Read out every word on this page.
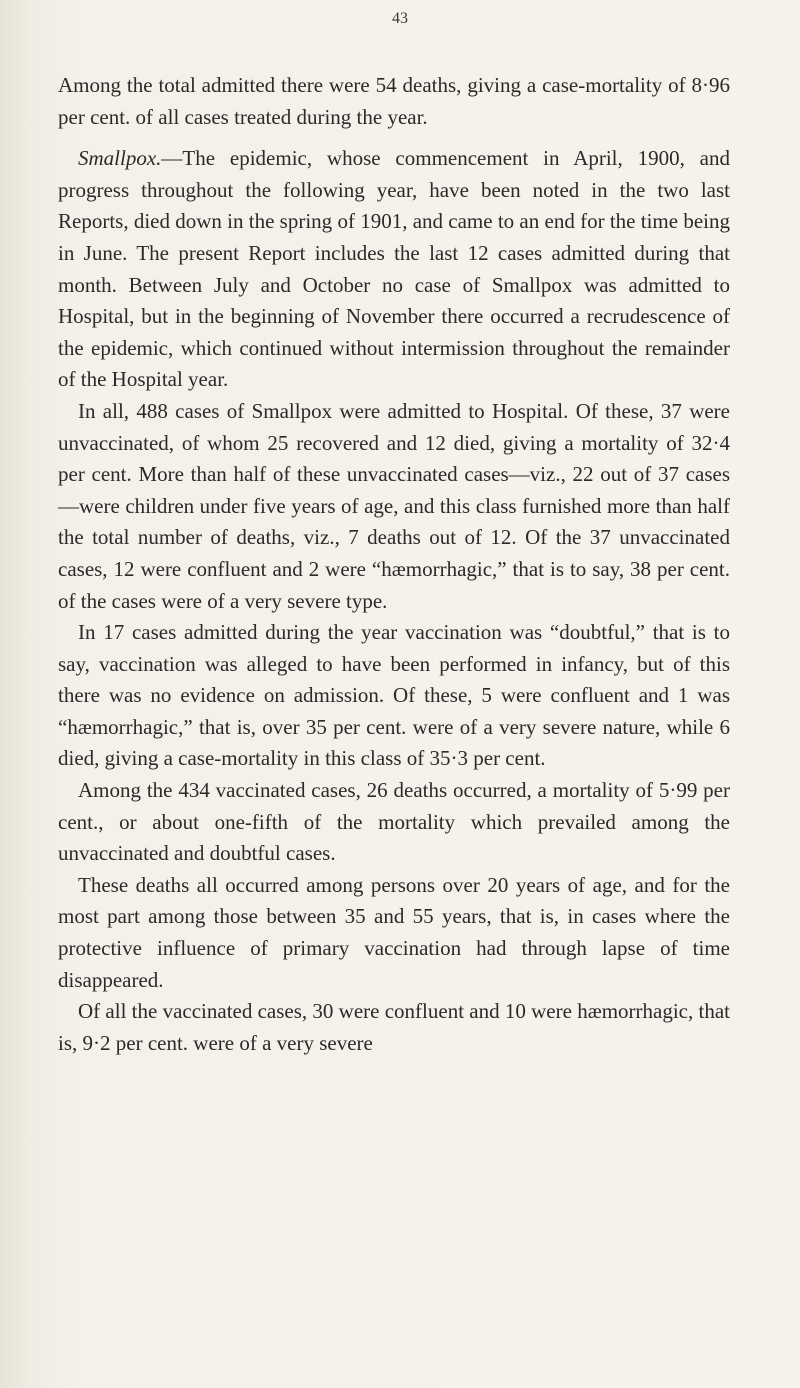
43

Among the total admitted there were 54 deaths, giving a case-mortality of 8·96 per cent. of all cases treated during the year.

Smallpox.—The epidemic, whose commencement in April, 1900, and progress throughout the following year, have been noted in the two last Reports, died down in the spring of 1901, and came to an end for the time being in June. The present Report includes the last 12 cases admitted during that month. Between July and October no case of Smallpox was admitted to Hospital, but in the beginning of November there occurred a recrudescence of the epidemic, which continued without intermission throughout the remainder of the Hospital year.

In all, 488 cases of Smallpox were admitted to Hospital. Of these, 37 were unvaccinated, of whom 25 recovered and 12 died, giving a mortality of 32·4 per cent. More than half of these unvaccinated cases—viz., 22 out of 37 cases—were children under five years of age, and this class furnished more than half the total number of deaths, viz., 7 deaths out of 12. Of the 37 unvaccinated cases, 12 were confluent and 2 were “hæmorrhagic,” that is to say, 38 per cent. of the cases were of a very severe type.

In 17 cases admitted during the year vaccination was “doubtful,” that is to say, vaccination was alleged to have been performed in infancy, but of this there was no evidence on admission. Of these, 5 were confluent and 1 was “hæmorrhagic,” that is, over 35 per cent. were of a very severe nature, while 6 died, giving a case-mortality in this class of 35·3 per cent.

Among the 434 vaccinated cases, 26 deaths occurred, a mortality of 5·99 per cent., or about one-fifth of the mortality which prevailed among the unvaccinated and doubtful cases.

These deaths all occurred among persons over 20 years of age, and for the most part among those between 35 and 55 years, that is, in cases where the protective influence of primary vaccination had through lapse of time disappeared.

Of all the vaccinated cases, 30 were confluent and 10 were hæmorrhagic, that is, 9·2 per cent. were of a very severe
